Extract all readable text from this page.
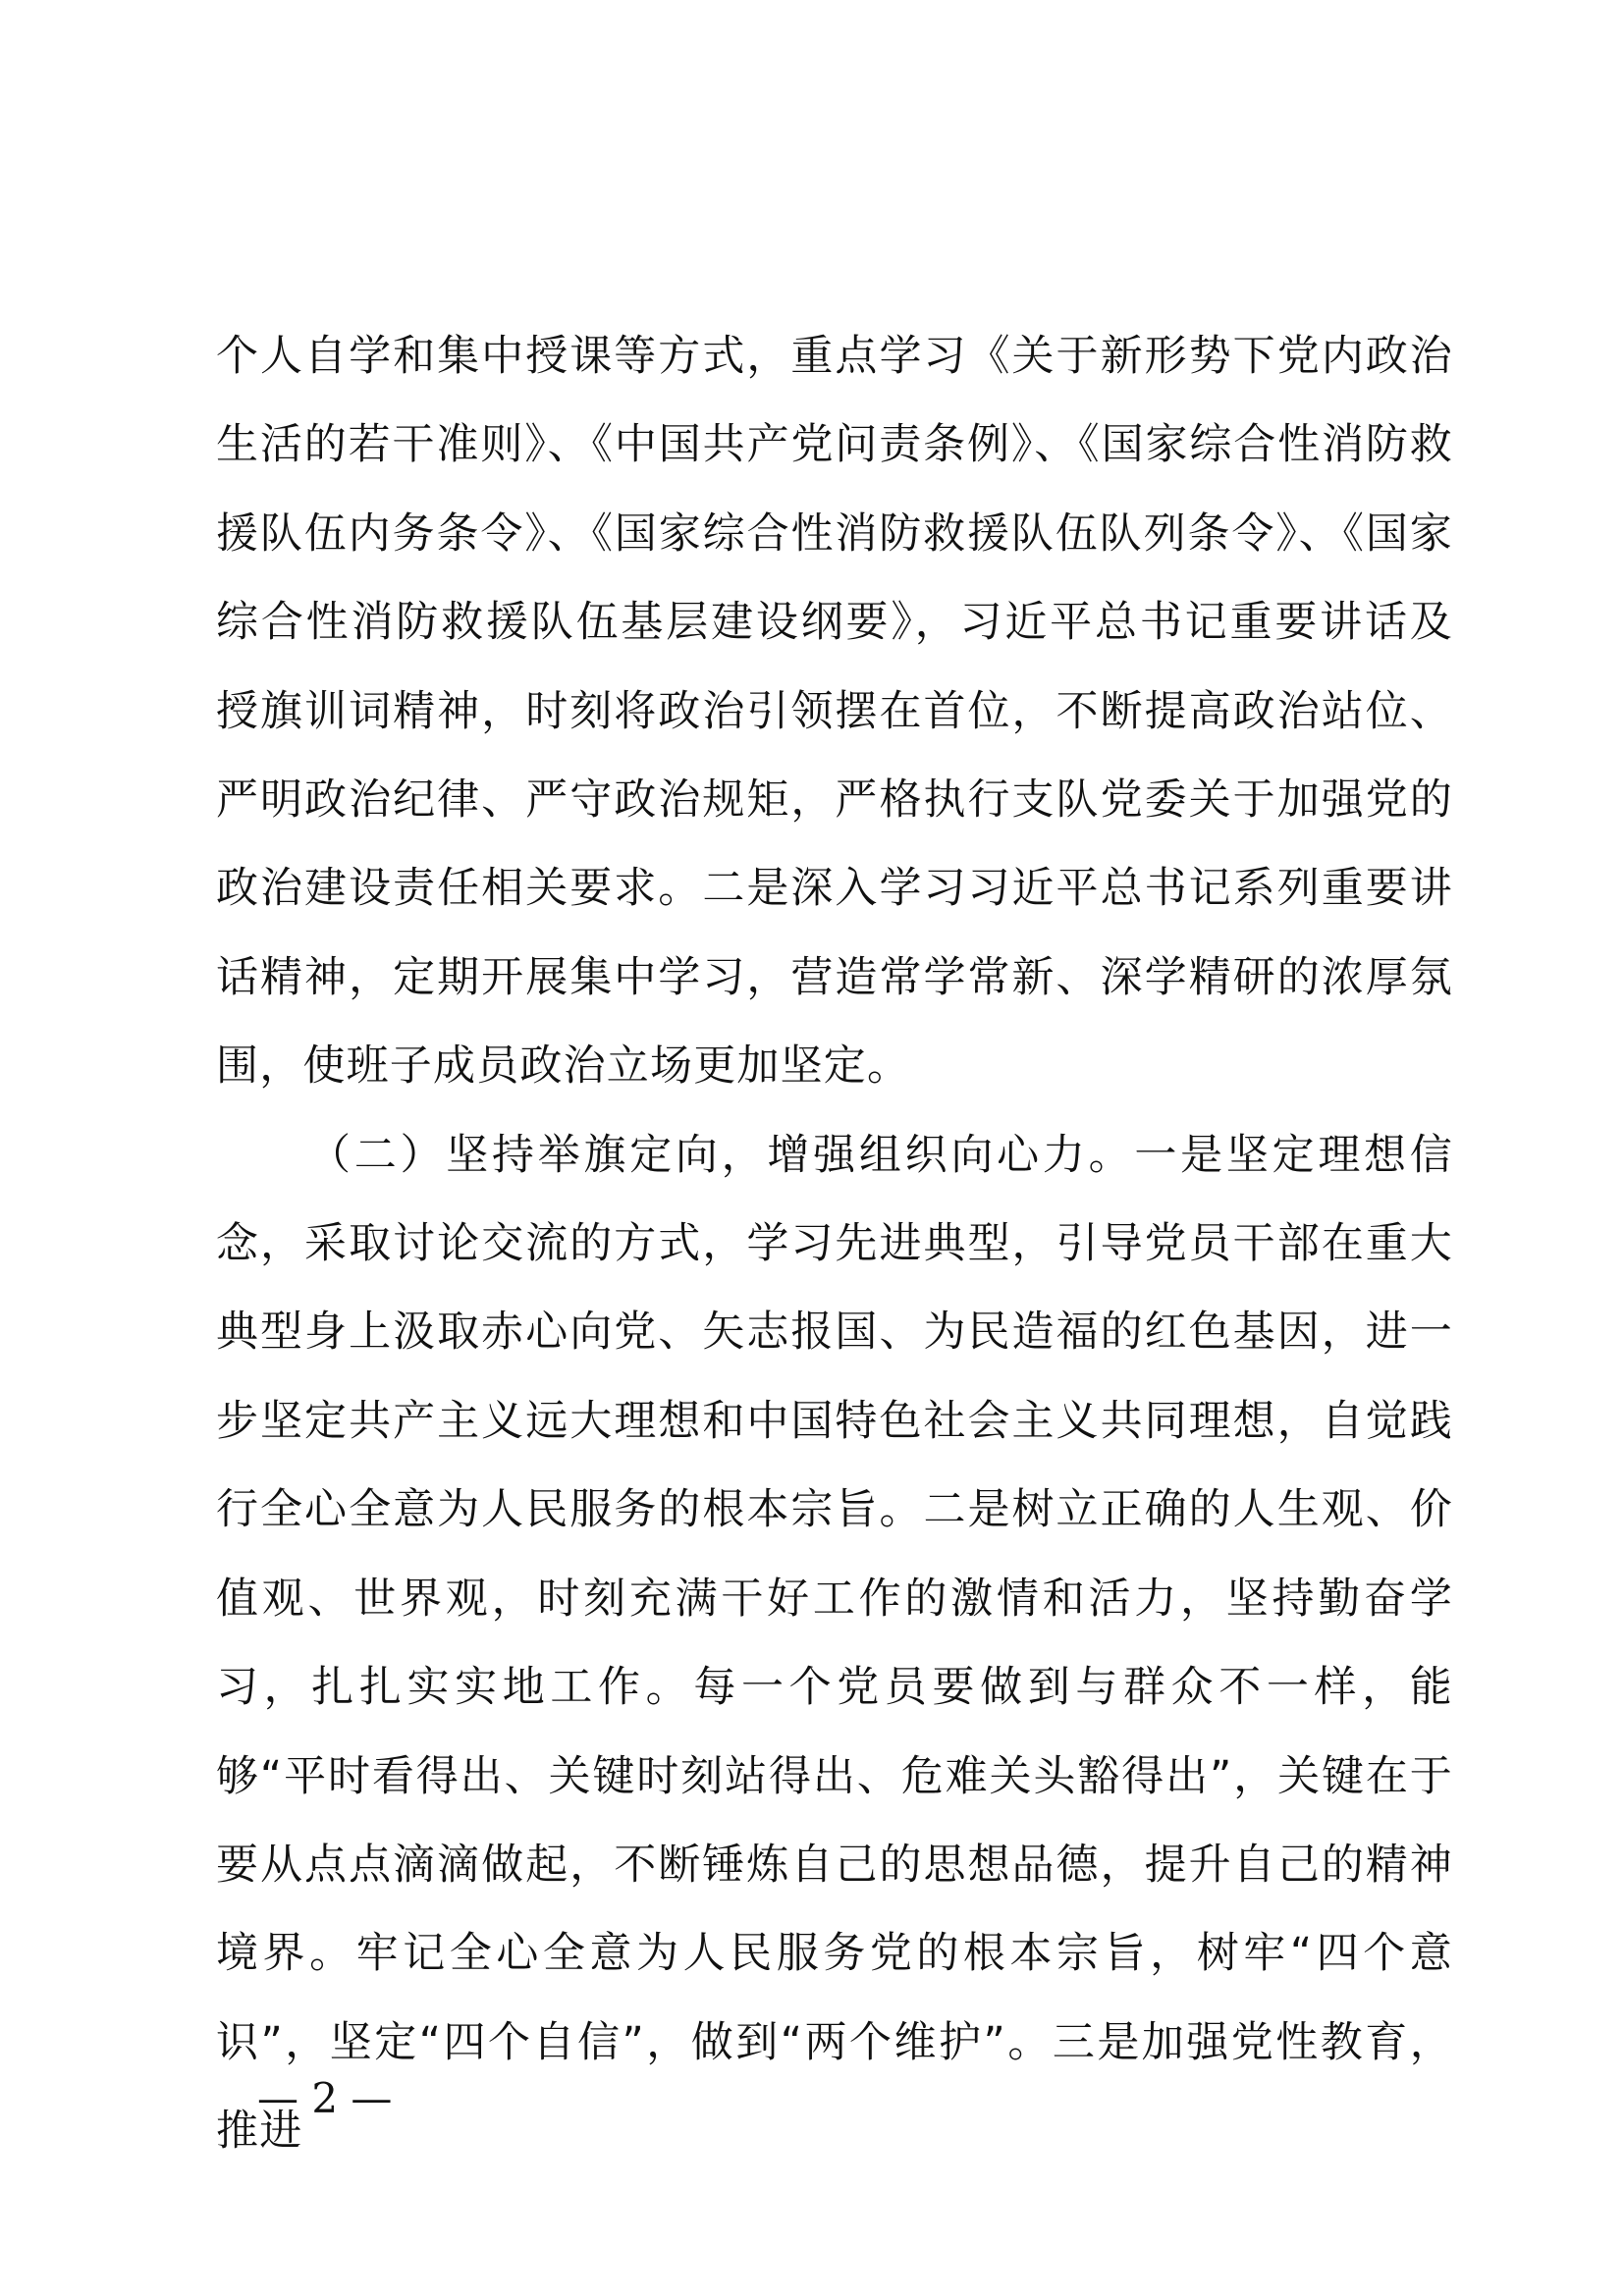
个人自学和集中授课等方式，重点学习《关于新形势下党内政治生活的若干准则》、《中国共产党问责条例》、《国家综合性消防救援队伍内务条令》、《国家综合性消防救援队伍队列条令》、《国家综合性消防救援队伍基层建设纲要》，习近平总书记重要讲话及授旗训词精神，时刻将政治引领摆在首位，不断提高政治站位、严明政治纪律、严守政治规矩，严格执行支队党委关于加强党的政治建设责任相关要求。二是深入学习习近平总书记系列重要讲话精神，定期开展集中学习，营造常学常新、深学精研的浓厚氛围，使班子成员政治立场更加坚定。

（二）坚持举旗定向，增强组织向心力。一是坚定理想信念，采取讨论交流的方式，学习先进典型，引导党员干部在重大典型身上汲取赤心向党、矢志报国、为民造福的红色基因，进一步坚定共产主义远大理想和中国特色社会主义共同理想，自觉践行全心全意为人民服务的根本宗旨。二是树立正确的人生观、价值观、世界观，时刻充满干好工作的激情和活力，坚持勤奋学习，扎扎实实地工作。每一个党员要做到与群众不一样，能够“平时看得出、关键时刻站得出、危难关头豁得出”，关键在于要从点点滴滴做起，不断锤炼自己的思想品德，提升自己的精神境界。牢记全心全意为人民服务党的根本宗旨，树牢“四个意识”，坚定“四个自信”，做到“两个维护”。三是加强党性教育，推进

— 2 —
